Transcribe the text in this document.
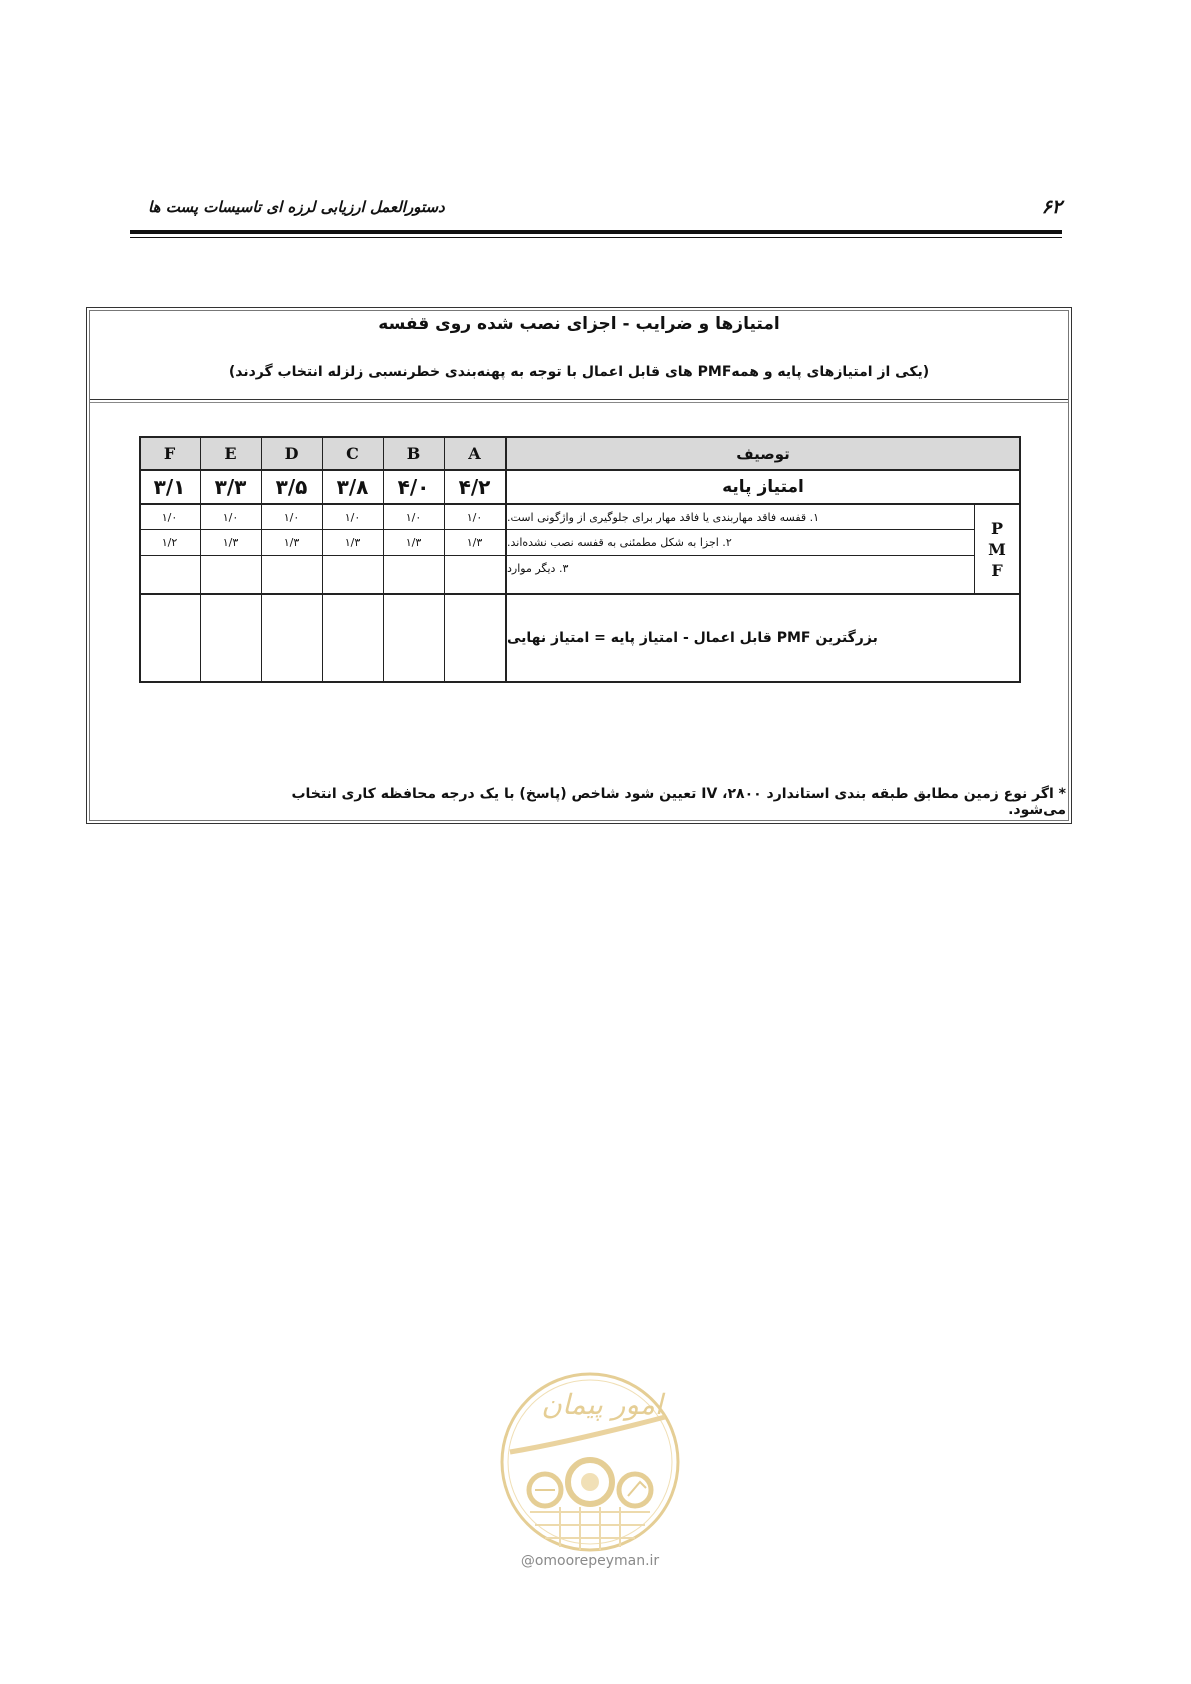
دستورالعمل ارزیابی لرزه ای تاسیسات پست ها	۶۲
امتیازها و ضرایب - اجزای نصب شده روی قفسه
(یکی از امتیازهای پایه و همهPMF های قابل اعمال با توجه به پهنه‌بندی خطرنسبی زلزله انتخاب گردند)
F	E	D	C	B	A	توصیف
۳/۱	۳/۳	۳/۵	۳/۸	۴/۰	۴/۲	امتیاز پایه
۱/۰	۱/۰	۱/۰	۱/۰	۱/۰	۱/۰	۱. قفسه فاقد مهاربندی یا فاقد مهار برای جلوگیری از واژگونی است.
۱/۲	۱/۳	۱/۳	۱/۳	۱/۳	۱/۳	۲. اجزا به شکل مطمئنی به قفسه نصب نشده‌اند.
۳. دیگر موارد
P
M
F
بزرگترین PMF قابل اعمال - امتیاز پایه = امتیاز نهایی
* اگر نوع زمین مطابق طبقه بندی استاندارد ۲۸۰۰، IV تعیین شود شاخص (پاسخ) با یک درجه محافظه کاری انتخاب می‌شود.
امور پیمان
@omoorepeyman.ir
